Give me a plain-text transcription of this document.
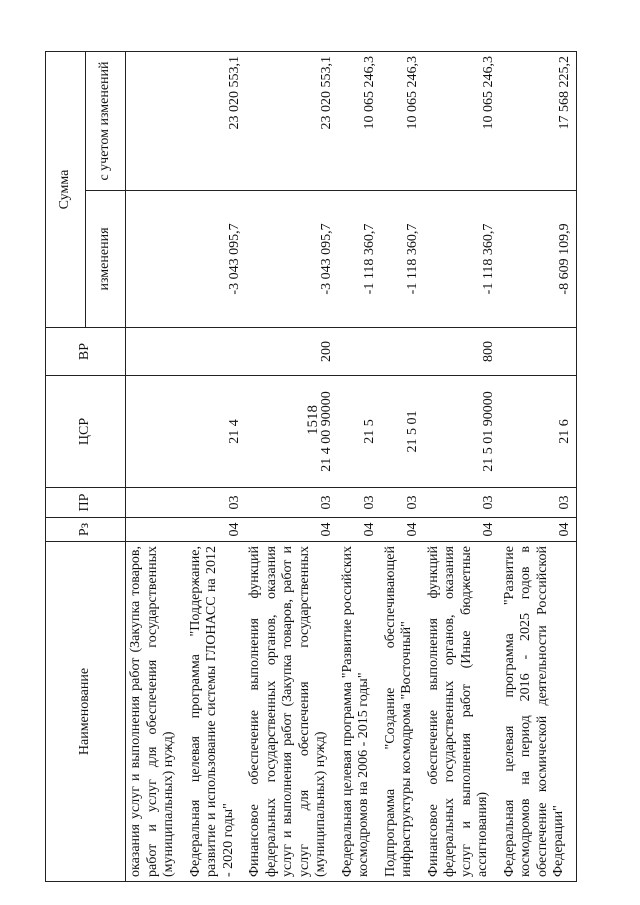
1518
Наименование	Рз	ПР	ЦСР	ВР	Сумма	
					изменения	с учетом изменений
оказания услуг и выполнения работ (Закупка товаров, работ и услуг для обеспечения государственных (муниципальных) нужд)						
Федеральная целевая программа "Поддержание, развитие и использование системы ГЛОНАСС на 2012 - 2020 годы"	04	03	21 4		-3 043 095,7	23 020 553,1
Финансовое обеспечение выполнения функций федеральных государственных органов, оказания услуг и выполнения работ (Закупка товаров, работ и услуг для обеспечения государственных (муниципальных) нужд)	04	03	21 4 00 90000	200	-3 043 095,7	23 020 553,1
Федеральная целевая программа "Развитие российских космодромов на 2006 - 2015 годы"	04	03	21 5		-1 118 360,7	10 065 246,3
Подпрограмма "Создание обеспечивающей инфраструктуры космодрома "Восточный"	04	03	21 5 01		-1 118 360,7	10 065 246,3
Финансовое обеспечение выполнения функций федеральных государственных органов, оказания услуг и выполнения работ (Иные бюджетные ассигнования)	04	03	21 5 01 90000	800	-1 118 360,7	10 065 246,3
Федеральная целевая программа "Развитие космодромов на период 2016 - 2025 годов в обеспечение космической деятельности Российской Федерации"	04	03	21 6		-8 609 109,9	17 568 225,2
